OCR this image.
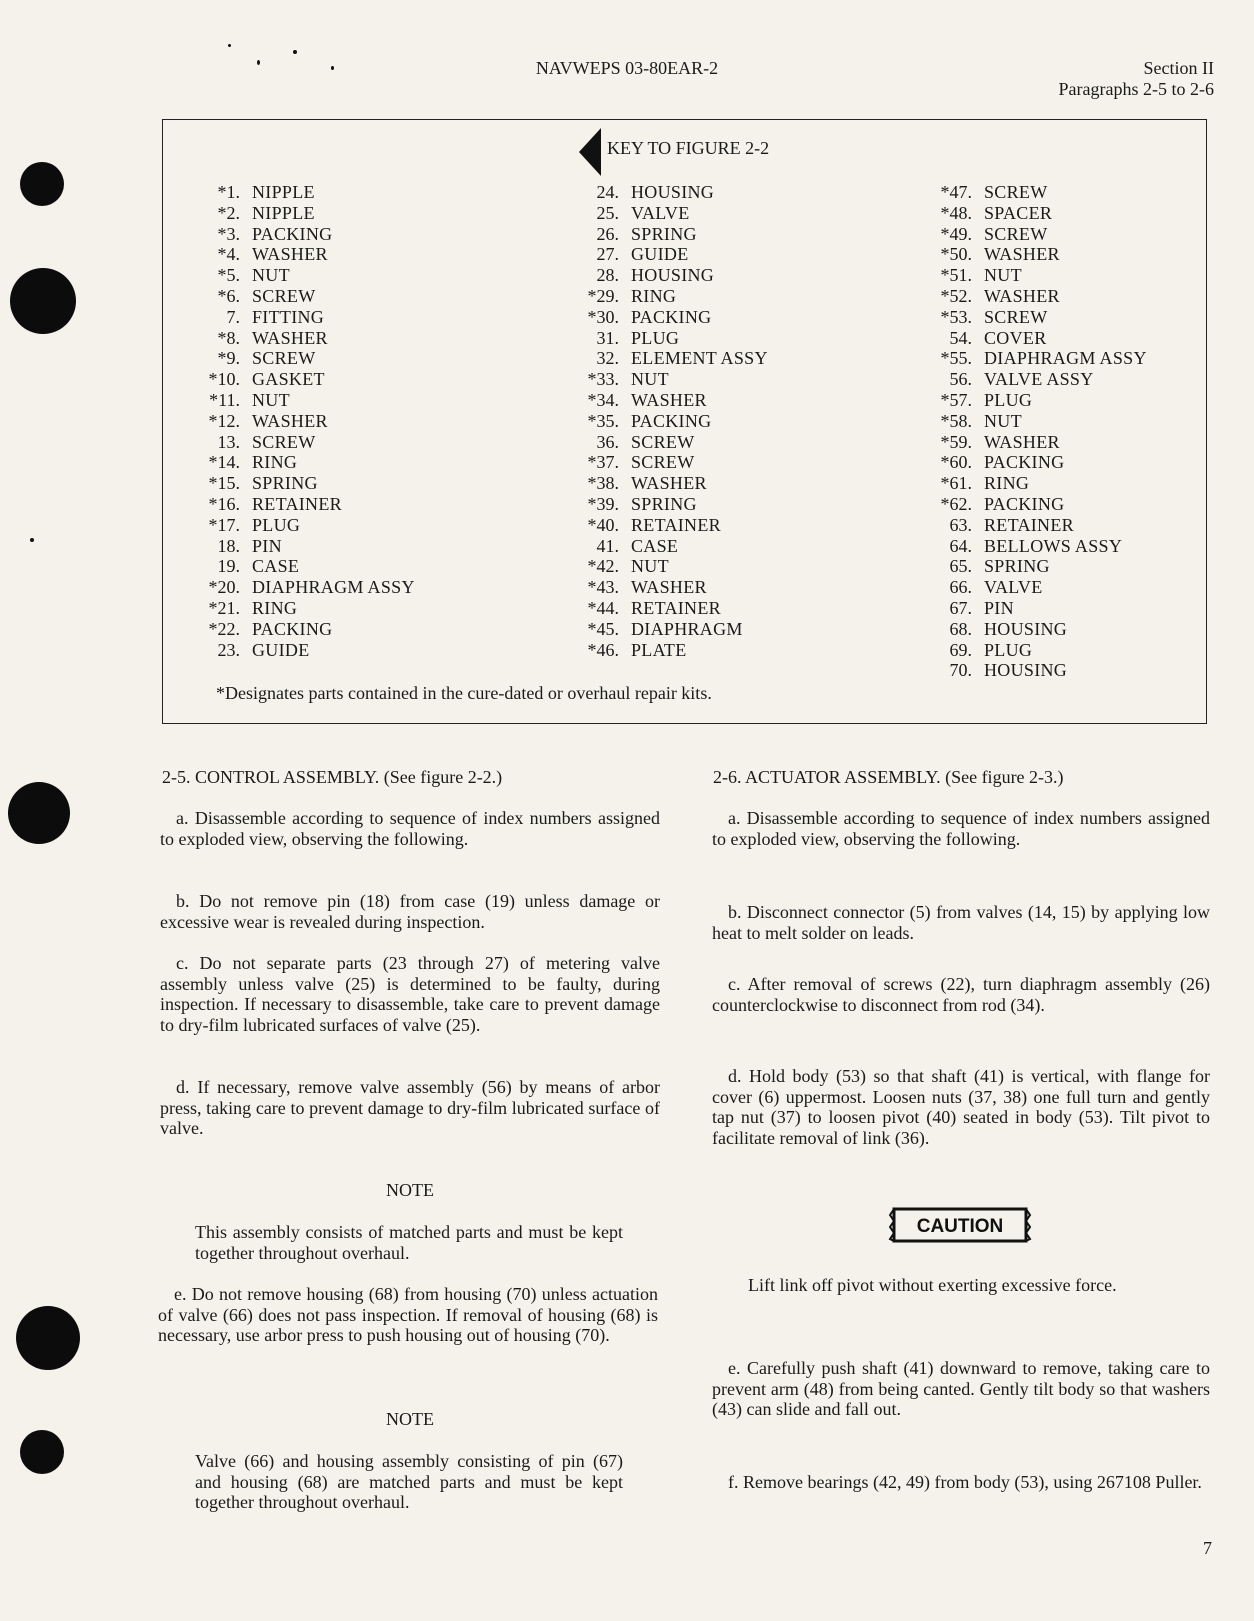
NAVWEPS 03-80EAR-2	Section II
Paragraphs 2-5 to 2-6
KEY TO FIGURE 2-2
*1. NIPPLE
*2. NIPPLE
*3. PACKING
*4. WASHER
*5. NUT
*6. SCREW
7. FITTING
*8. WASHER
*9. SCREW
*10. GASKET
*11. NUT
*12. WASHER
13. SCREW
*14. RING
*15. SPRING
*16. RETAINER
*17. PLUG
18. PIN
19. CASE
*20. DIAPHRAGM ASSY
*21. RING
*22. PACKING
23. GUIDE
24. HOUSING
25. VALVE
26. SPRING
27. GUIDE
28. HOUSING
*29. RING
*30. PACKING
31. PLUG
32. ELEMENT ASSY
*33. NUT
*34. WASHER
*35. PACKING
36. SCREW
*37. SCREW
*38. WASHER
*39. SPRING
*40. RETAINER
41. CASE
*42. NUT
*43. WASHER
*44. RETAINER
*45. DIAPHRAGM
*46. PLATE
*47. SCREW
*48. SPACER
*49. SCREW
*50. WASHER
*51. NUT
*52. WASHER
*53. SCREW
54. COVER
*55. DIAPHRAGM ASSY
56. VALVE ASSY
*57. PLUG
*58. NUT
*59. WASHER
*60. PACKING
*61. RING
*62. PACKING
63. RETAINER
64. BELLOWS ASSY
65. SPRING
66. VALVE
67. PIN
68. HOUSING
69. PLUG
70. HOUSING
*Designates parts contained in the cure-dated or overhaul repair kits.
2-5. CONTROL ASSEMBLY. (See figure 2-2.)
a. Disassemble according to sequence of index numbers assigned to exploded view, observing the following.
b. Do not remove pin (18) from case (19) unless damage or excessive wear is revealed during inspection.
c. Do not separate parts (23 through 27) of metering valve assembly unless valve (25) is determined to be faulty, during inspection. If necessary to disassemble, take care to prevent damage to dry-film lubricated surfaces of valve (25).
d. If necessary, remove valve assembly (56) by means of arbor press, taking care to prevent damage to dry-film lubricated surface of valve.
NOTE
This assembly consists of matched parts and must be kept together throughout overhaul.
e. Do not remove housing (68) from housing (70) unless actuation of valve (66) does not pass inspection. If removal of housing (68) is necessary, use arbor press to push housing out of housing (70).
NOTE
Valve (66) and housing assembly consisting of pin (67) and housing (68) are matched parts and must be kept together throughout overhaul.
2-6. ACTUATOR ASSEMBLY. (See figure 2-3.)
a. Disassemble according to sequence of index numbers assigned to exploded view, observing the following.
b. Disconnect connector (5) from valves (14, 15) by applying low heat to melt solder on leads.
c. After removal of screws (22), turn diaphragm assembly (26) counterclockwise to disconnect from rod (34).
d. Hold body (53) so that shaft (41) is vertical, with flange for cover (6) uppermost. Loosen nuts (37, 38) one full turn and gently tap nut (37) to loosen pivot (40) seated in body (53). Tilt pivot to facilitate removal of link (36).
CAUTION
Lift link off pivot without exerting excessive force.
e. Carefully push shaft (41) downward to remove, taking care to prevent arm (48) from being canted. Gently tilt body so that washers (43) can slide and fall out.
f. Remove bearings (42, 49) from body (53), using 267108 Puller.
7
